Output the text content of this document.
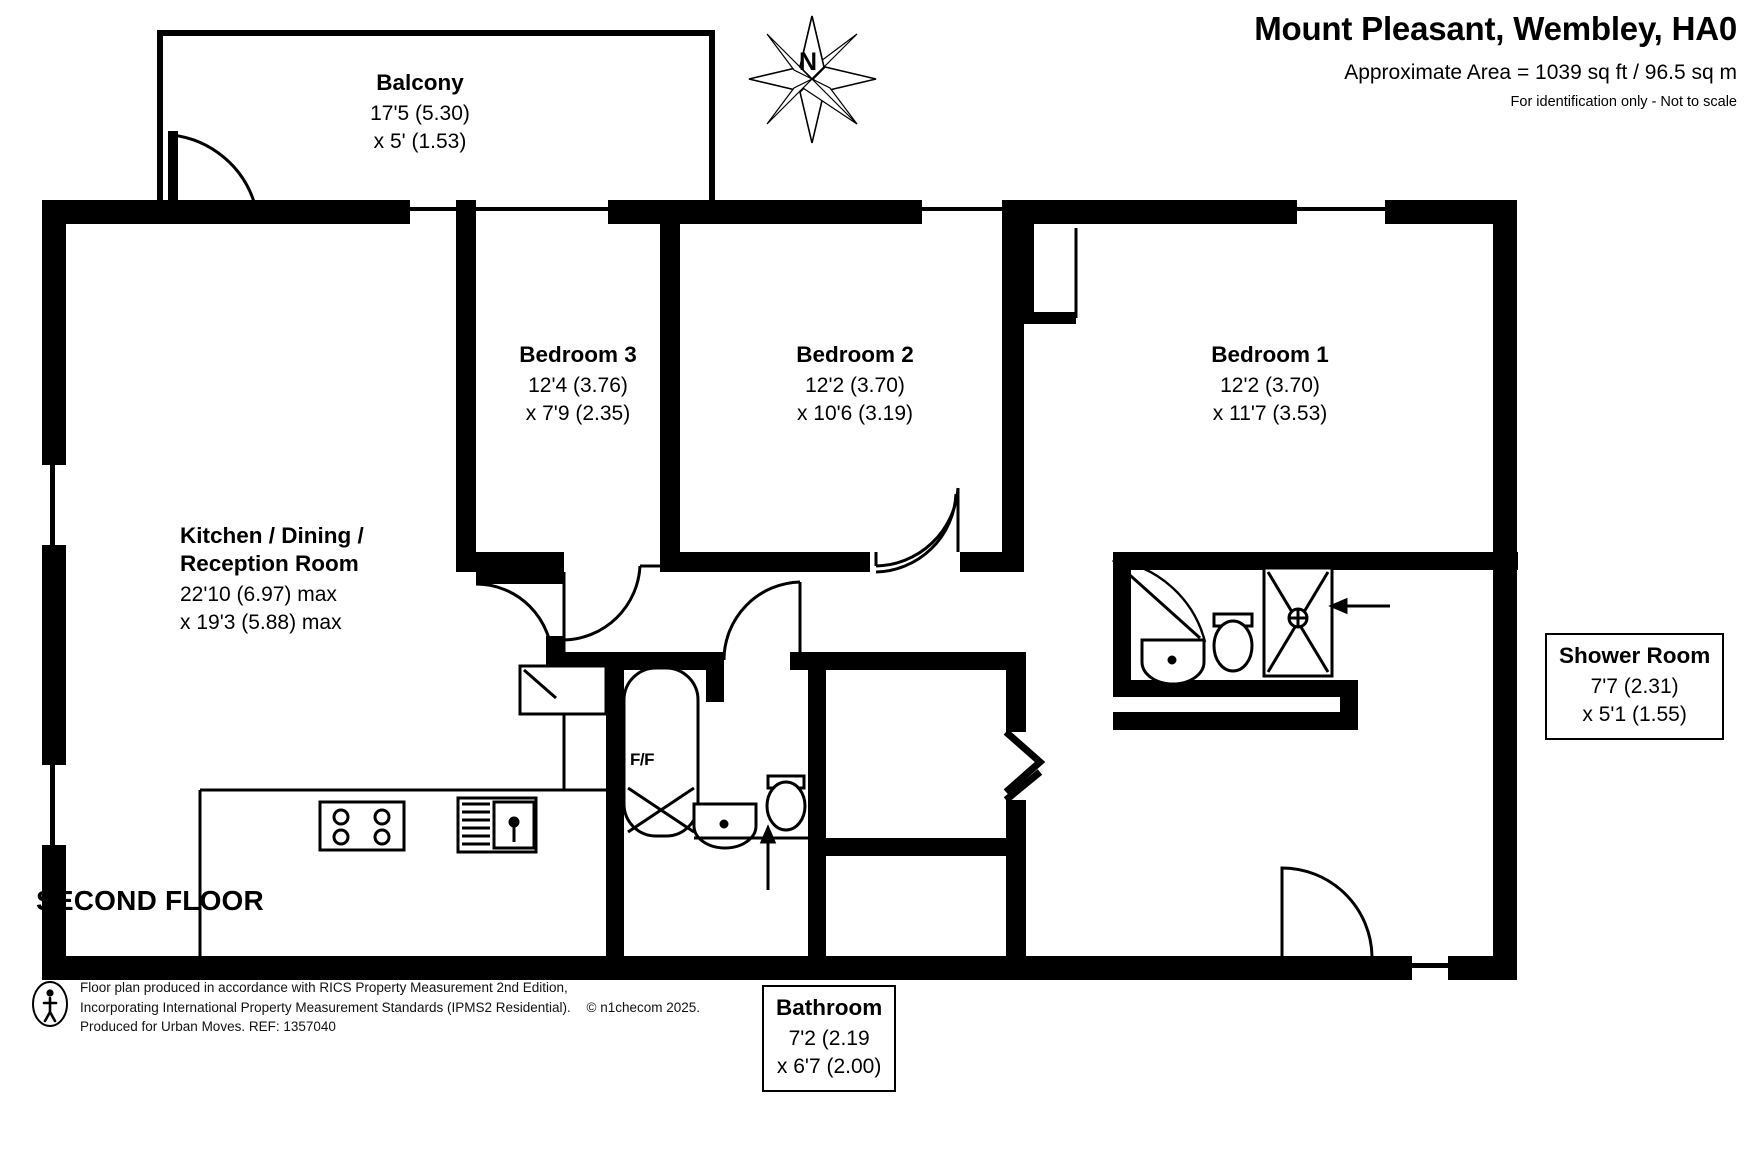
Mount Pleasant, Wembley, HA0
Approximate Area = 1039 sq ft / 96.5 sq m
For identification only - Not to scale
N
Balcony
17'5 (5.30)
x 5' (1.53)
Bedroom 3
12'4 (3.76)
x 7'9 (2.35)
Bedroom 2
12'2 (3.70)
x 10'6 (3.19)
Bedroom 1
12'2 (3.70)
x 11'7 (3.53)
Kitchen / Dining /
Reception Room
22'10 (6.97) max
x 19'3 (5.88) max
Shower Room
7'7 (2.31)
x 5'1 (1.55)
Bathroom
7'2 (2.19
x 6'7 (2.00)
F/F
SECOND FLOOR
Floor plan produced in accordance with RICS Property Measurement 2nd Edition,
Incorporating International Property Measurement Standards (IPMS2 Residential). © n1checom 2025.
Produced for Urban Moves. REF: 1357040
